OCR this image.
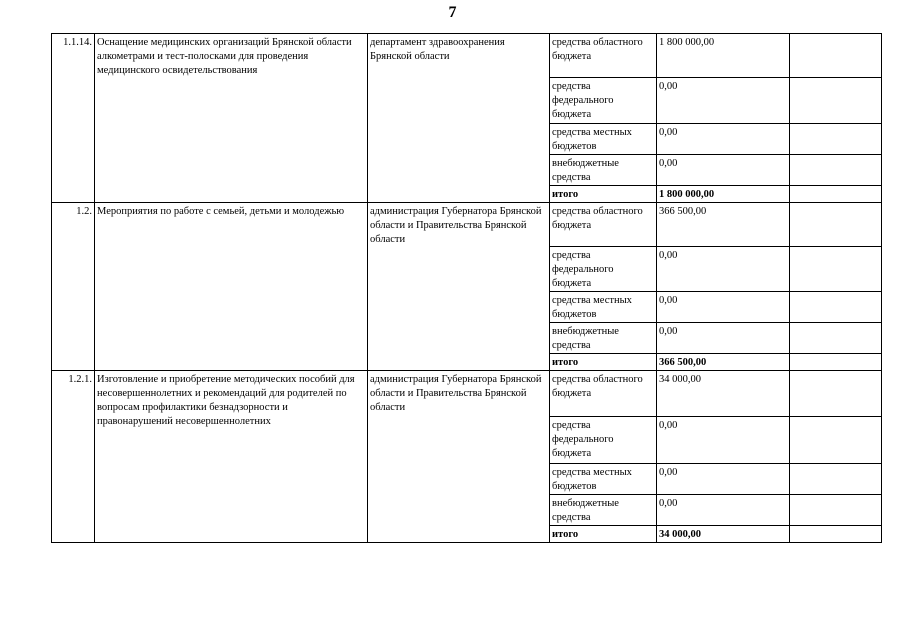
7
1.1.14.	Оснащение медицинских организаций Брянской области алкометрами и тест-полосками для проведения медицинского освидетельствования	департамент здравоохранения Брянской области	средства областного бюджета	1 800 000,00	
			средства федерального бюджета	0,00	
			средства местных бюджетов	0,00	
			внебюджетные средства	0,00	
			итого	1 800 000,00	
1.2.	Мероприятия по работе с семьей, детьми и молодежью	администрация Губернатора Брянской области и Правительства Брянской области	средства областного бюджета	366 500,00	
			средства федерального бюджета	0,00	
			средства местных бюджетов	0,00	
			внебюджетные средства	0,00	
			итого	366 500,00	
1.2.1.	Изготовление и приобретение методических пособий для несовершеннолетних и рекомендаций для родителей по вопросам профилактики безнадзорности и правонарушений несовершеннолетних	администрация Губернатора Брянской области и Правительства Брянской области	средства областного бюджета	34 000,00	
			средства федерального бюджета	0,00	
			средства местных бюджетов	0,00	
			внебюджетные средства	0,00	
			итого	34 000,00	
